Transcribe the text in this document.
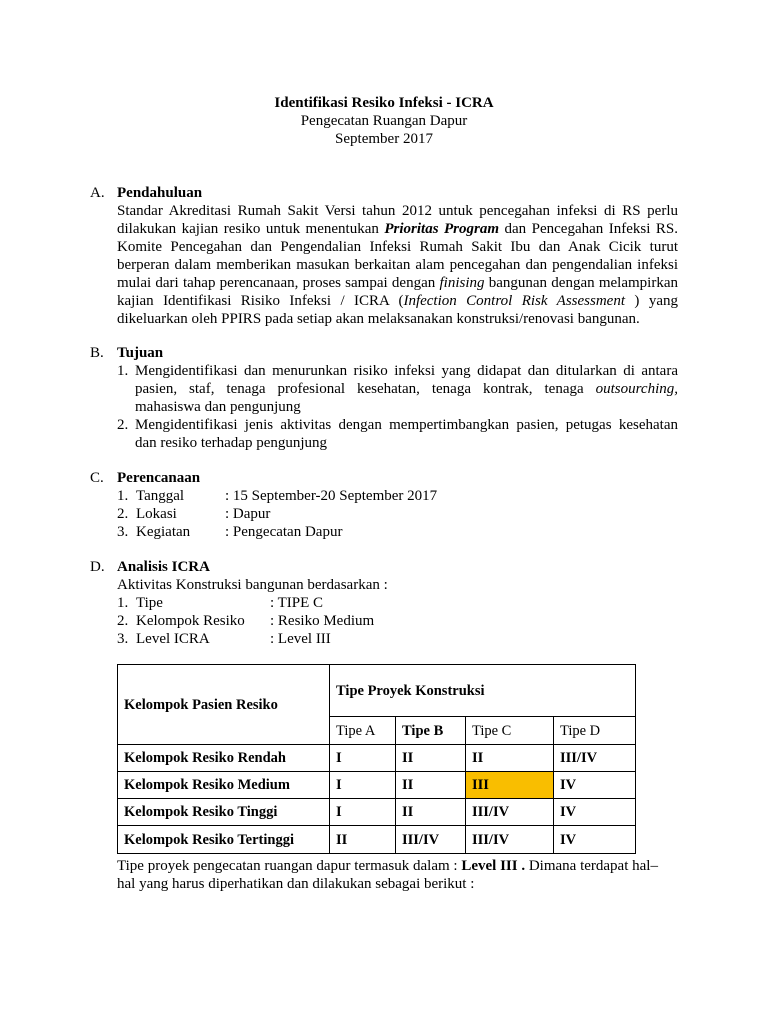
Identifikasi Resiko Infeksi - ICRA
Pengecatan Ruangan Dapur
September 2017
A. Pendahuluan
Standar Akreditasi Rumah Sakit Versi tahun 2012 untuk pencegahan infeksi di RS perlu
dilakukan kajian resiko untuk menentukan Prioritas Program dan Pencegahan Infeksi RS.
Komite Pencegahan dan Pengendalian Infeksi Rumah Sakit Ibu dan Anak Cicik turut
berperan dalam memberikan masukan berkaitan alam pencegahan dan pengendalian infeksi
mulai dari tahap perencanaan, proses sampai dengan finising bangunan dengan melampirkan
kajian Identifikasi Risiko Infeksi / ICRA (Infection Control Risk Assessment ) yang
dikeluarkan oleh PPIRS pada setiap akan melaksanakan konstruksi/renovasi bangunan.
B. Tujuan
1. Mengidentifikasi dan menurunkan risiko infeksi yang didapat dan ditularkan di antara
pasien, staf, tenaga profesional kesehatan, tenaga kontrak, tenaga outsourching,
mahasiswa dan pengunjung
2. Mengidentifikasi jenis aktivitas dengan mempertimbangkan pasien, petugas kesehatan
dan resiko terhadap pengunjung
C. Perencanaan
1. Tanggal	: 15 September-20 September 2017
2. Lokasi	: Dapur
3. Kegiatan : Pengecatan Dapur
D. Analisis ICRA
Aktivitas Konstruksi bangunan berdasarkan :
1. Tipe	: TIPE C
2. Kelompok Resiko : Resiko Medium
3. Level ICRA	: Level III
Kelompok Pasien Resiko	Tipe Proyek Konstruksi			
	Tipe A	Tipe B	Tipe C	Tipe D
Kelompok Resiko Rendah	I	II	II	III/IV
Kelompok Resiko Medium	I	II	III	IV
Kelompok Resiko Tinggi	I	II	III/IV	IV
Kelompok Resiko Tertinggi	II	III/IV	III/IV	IV
Tipe proyek pengecatan ruangan dapur termasuk dalam : Level III . Dimana terdapat hal–
hal yang harus diperhatikan dan dilakukan sebagai berikut :
